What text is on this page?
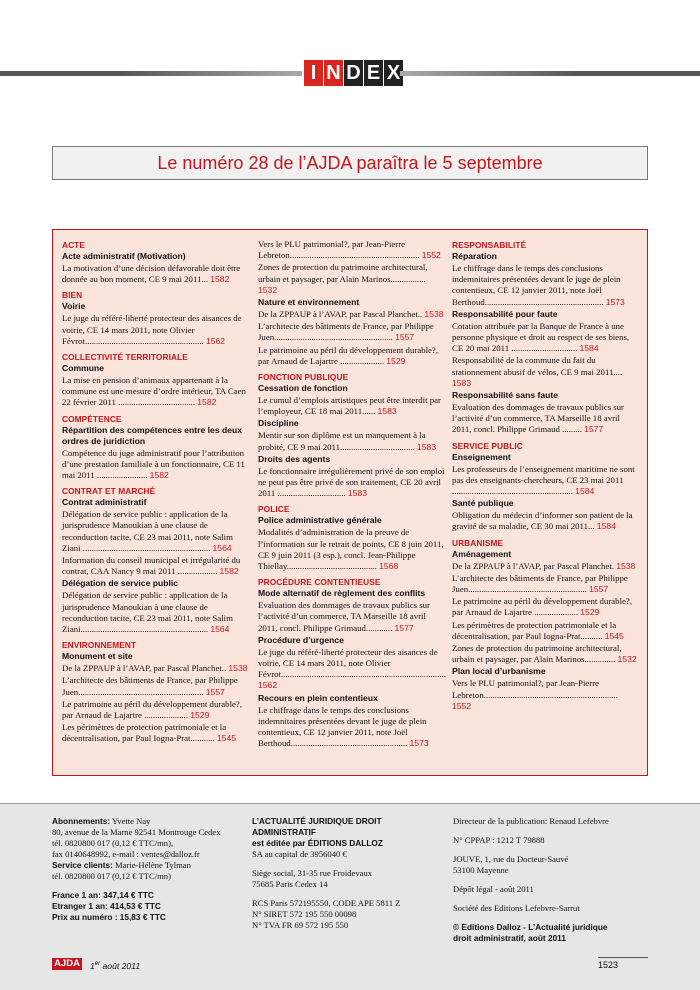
I N D E X
Le numéro 28 de l’AJDA paraîtra le 5 septembre
ACTE
Acte administratif (Motivation)
La motivation d’une décision défavorable doit être donnée au bon moment, CE 9 mai 2011... 1582
BIEN
Voirie
Le juge du référé-liberté protecteur des aisances de voirie, CE 14 mars 2011, note Olivier Févrot...................................................... 1562
COLLECTIVITÉ TERRITORIALE
Commune
La mise en pension d’animaux appartenant à la commune est une mesure d’ordre intérieur, TA Caen 22 février 2011 ................................... 1582
COMPÉTENCE
Répartition des compétences entre les deux ordres de juridiction
Compétence du juge administratif pour l’attribution d’une prestation familiale à un fonctionnaire, CE 11 mai 2011 ....................... 1582
CONTRAT ET MARCHÉ
Contrat administratif
Délégation de service public : application de la jurisprudence Manoukian à une clause de reconduction tacite, CE 23 mai 2011, note Salim Ziani .......................................................... 1564
Information du conseil municipal et irrégularité du contrat, CAA Nancy 9 mai 2011 .................. 1582
Délégation de service public
Délégation de service public : application de la jurisprudence Manoukian à une clause de reconduction tacite, CE 23 mai 2011, note Salim Ziani.......................................................... 1564
ENVIRONNEMENT
Monument et site
De la ZPPAUP à l’AVAP, par Pascal Planchet.. 1538
L’architecte des bâtiments de France, par Philippe Juen......................................................... 1557
Le patrimoine au péril du développement durable?, par Arnaud de Lajartre .................... 1529
Les périmètres de protection patrimoniale et la décentralisation, par Paul Iogna-Prat........... 1545
Vers le PLU patrimonial?, par Jean-Pierre Lebreton........................................................... 1552
Zones de protection du patrimoine architectural, urbain et paysager, par Alain Marinos................ 1532
Nature et environnement
De la ZPPAUP à l’AVAP, par Pascal Planchet.. 1538
L’architecte des bâtiments de France, par Philippe Juen...................................................... 1557
Le patrimoine au péril du développement durable?, par Arnaud de Lajartre .................... 1529
FONCTION PUBLIQUE
Cessation de fonction
Le cumul d’emplois artistiques peut être interdit par l’employeur, CE 18 mai 2011...... 1583
Discipline
Mentir sur son diplôme est un manquement à la probité, CE 9 mai 2011.................................. 1583
Droits des agents
Le fonctionnaire irrégulièrement privé de son emploi ne peut pas être privé de son traitement, CE 20 avril 2011 ............................... 1583
POLICE
Police administrative générale
Modalités d’administration de la preuve de l’information sur le retrait de points, CE 8 juin 2011, CE 9 juin 2011 (3 esp.), concl. Jean-Philippe Thiellay......................................... 1568
PROCÉDURE CONTENTIEUSE
Mode alternatif de règlement des conflits
Evaluation des dommages de travaux publics sur l’activité d’un commerce, TA Marseille 18 avril 2011, concl. Philippe Grimaud............ 1577
Procédure d’urgence
Le juge du référé-liberté protecteur des aisances de voirie, CE 14 mars 2011, note Olivier Févrot........................................................................... 1562
Recours en plein contentieux
Le chiffrage dans le temps des conclusions indemnitaires présentées devant le juge de plein contentieux, CE 12 janvier 2011, note Joël Berthoud..................................................... 1573
RESPONSABILITÉ
Réparation
Le chiffrage dans le temps des conclusions indemnitaires présentées devant le juge de plein contentieux, CE 12 janvier 2011, note Joël Berthoud...................................................... 1573
Responsabilité pour faute
Cotation attribuée par la Banque de France à une personne physique et droit au respect de ses biens, CE 20 mai 2011 .............................. 1584
Responsabilité de la commune du fait du stationnement abusif de vélos, CE 9 mai 2011.... 1583
Responsabilité sans faute
Evaluation des dommages de travaux publics sur l’activité d’un commerce, TA Marseille 18 avril 2011, concl. Philippe Grimaud ......... 1577
SERVICE PUBLIC
Enseignement
Les professeurs de l’enseignement maritime ne sont pas des enseignants-chercheurs, CE 23 mai 2011 ....................................................... 1584
Santé publique
Obligation du médecin d’informer son patient de la gravité de sa maladie, CE 30 mai 2011... 1584
URBANISME
Aménagement
De la ZPPAUP à l’AVAP, par Pascal Planchet. 1538
L’architecte des bâtiments de France, par Philippe Juen...................................................... 1557
Le patrimoine au péril du développement durable?, par Arnaud de Lajartre .................... 1529
Les périmètres de protection patrimoniale et la décentralisation, par Paul Iogna-Prat.......... 1545
Zones de protection du patrimoine architectural, urbain et paysager, par Alain Marinos.............. 1532
Plan local d’urbanisme
Vers le PLU patrimonial?, par Jean-Pierre Lebreton............................................................. 1552

Abonnements: Yvette Nay

80, avenue de la Marne 92541 Montrouge Cedex

tél. 0820800 017 (0,12 € TTC/mn),

fax 0140648992, e-mail : ventes@dalloz.fr

Service clients: Marie-Hélène Tylman

tél. 0820800 017 (0,12 € TTC/mn)

France 1 an: 347,14 € TTC

Etranger 1 an: 414,53 € TTC

Prix au numéro : 15,83 € TTC

L’ACTUALITÉ JURIDIQUE DROIT ADMINISTRATIF

est éditée par ÉDITIONS DALLOZ

SA au capital de 3956040 €

Siège social, 31-35 rue Froidevaux

75685 Paris Cedex 14

RCS Paris 572195550, CODE APE 5811 Z

N° SIRET 572 195 550 00098

N° TVA FR 69 572 195 550

Directeur de la publication: Renaud Lefebvre

N° CPPAP : 1212 T 79888

JOUVE, 1, rue du Docteur-Sauvé

53100 Mayenne

Dépôt légal - août 2011

Société des Editions Lefebvre-Sarrut

© Editions Dalloz - L’Actualité juridique

droit administratif, août 2011

AJDA 1er août 2011	1523
